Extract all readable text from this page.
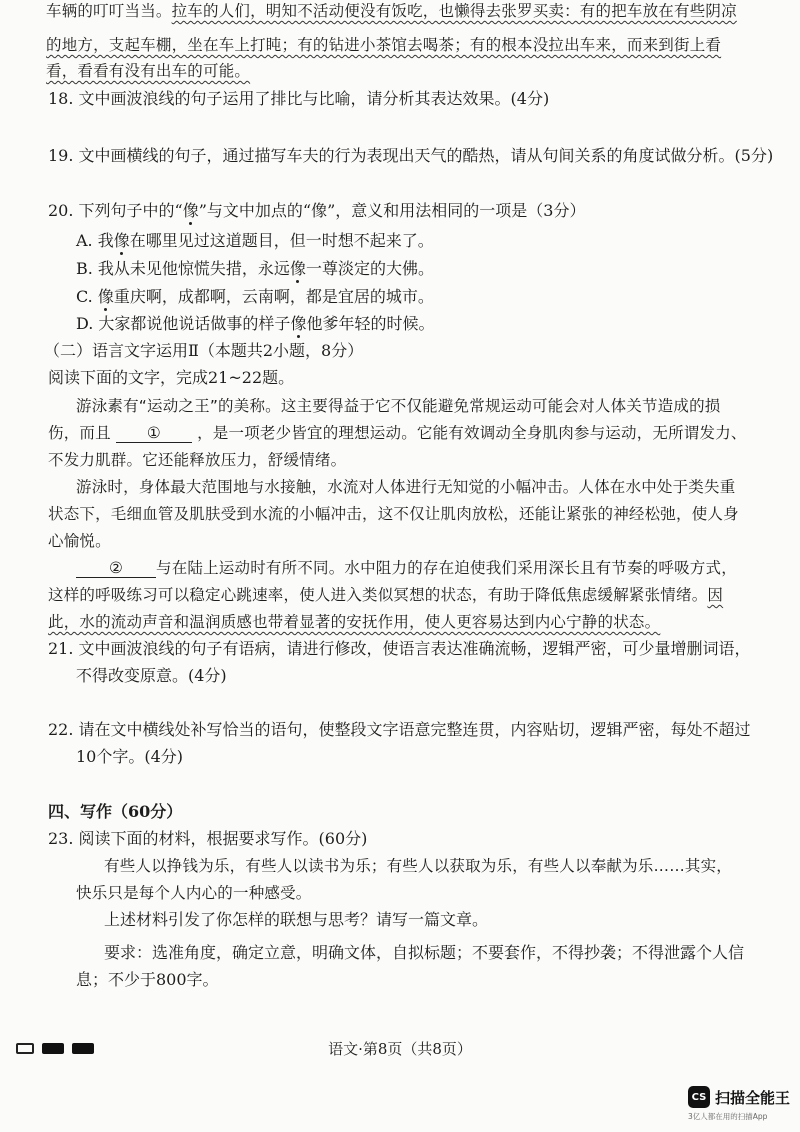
车辆的叮叮当当。拉车的人们，明知不活动便没有饭吃，也懒得去张罗买卖：有的把车放在有些阴凉
的地方，支起车棚，坐在车上打盹；有的钻进小茶馆去喝茶；有的根本没拉出车来，而来到街上看
看，看看有没有出车的可能。
18. 文中画波浪线的句子运用了排比与比喻，请分析其表达效果。(4分)
19. 文中画横线的句子，通过描写车夫的行为表现出天气的酷热，请从句间关系的角度试做分析。(5分)
20. 下列句子中的“像”与文中加点的“像”，意义和用法相同的一项是（3分）
A. 我像在哪里见过这道题目，但一时想不起来了。
B. 我从未见他惊慌失措，永远像一尊淡定的大佛。
C. 像重庆啊，成都啊，云南啊，都是宜居的城市。
D. 大家都说他说话做事的样子像他爹年轻的时候。
（二）语言文字运用Ⅱ（本题共2小题，8分）
阅读下面的文字，完成21~22题。
游泳素有“运动之王”的美称。这主要得益于它不仅能避免常规运动可能会对人体关节造成的损
伤，而且 ① ，是一项老少皆宜的理想运动。它能有效调动全身肌肉参与运动，无所谓发力、
不发力肌群。它还能释放压力，舒缓情绪。
游泳时，身体最大范围地与水接触，水流对人体进行无知觉的小幅冲击。人体在水中处于类失重
状态下，毛细血管及肌肤受到水流的小幅冲击，这不仅让肌肉放松，还能让紧张的神经松弛，使人身
心愉悦。
② 与在陆上运动时有所不同。水中阻力的存在迫使我们采用深长且有节奏的呼吸方式，
这样的呼吸练习可以稳定心跳速率，使人进入类似冥想的状态，有助于降低焦虑缓解紧张情绪。因
此，水的流动声音和温润质感也带着显著的安抚作用，使人更容易达到内心宁静的状态。
21. 文中画波浪线的句子有语病，请进行修改，使语言表达准确流畅，逻辑严密，可少量增删词语，
不得改变原意。(4分)
22. 请在文中横线处补写恰当的语句，使整段文字语意完整连贯，内容贴切，逻辑严密，每处不超过
10个字。(4分)
四、写作（60分）
23. 阅读下面的材料，根据要求写作。(60分)
有些人以挣钱为乐，有些人以读书为乐；有些人以获取为乐，有些人以奉献为乐……其实，
快乐只是每个人内心的一种感受。
上述材料引发了你怎样的联想与思考？请写一篇文章。
要求：选准角度，确定立意，明确文体，自拟标题；不要套作，不得抄袭；不得泄露个人信
息；不少于800字。
语文·第8页（共8页）
CS 扫描全能王
3亿人都在用的扫描App
